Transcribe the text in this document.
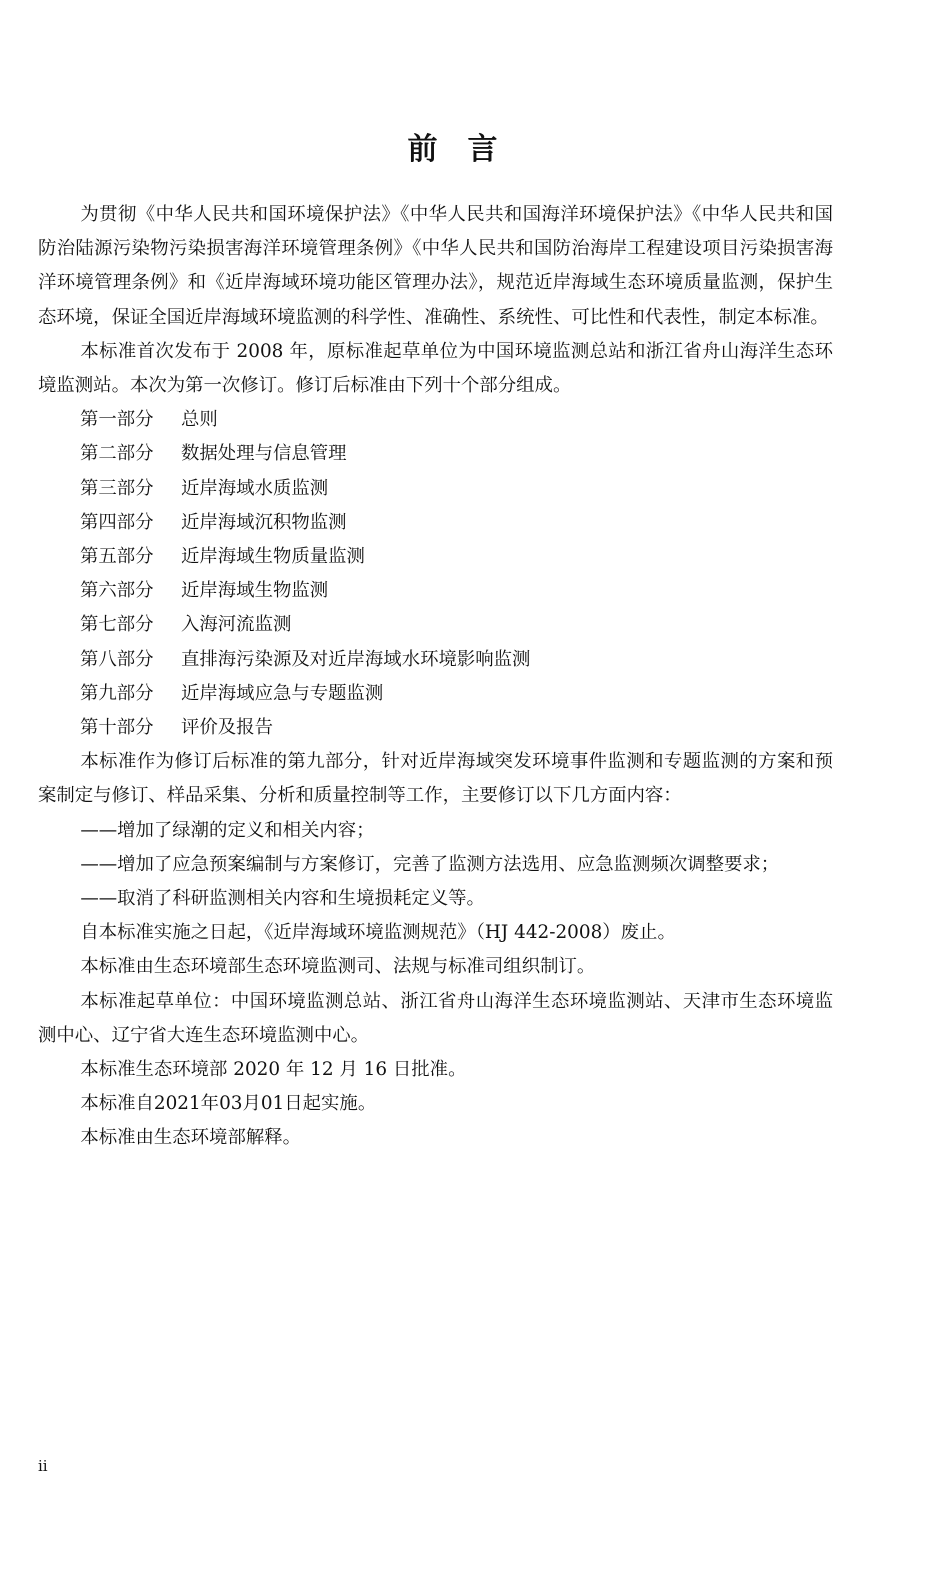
前言

为贯彻《中华人民共和国环境保护法》《中华人民共和国海洋环境保护法》《中华人民共和国防治陆源污染物污染损害海洋环境管理条例》《中华人民共和国防治海岸工程建设项目污染损害海洋环境管理条例》和《近岸海域环境功能区管理办法》，规范近岸海域生态环境质量监测，保护生态环境，保证全国近岸海域环境监测的科学性、准确性、系统性、可比性和代表性，制定本标准。

本标准首次发布于 2008 年，原标准起草单位为中国环境监测总站和浙江省舟山海洋生态环境监测站。本次为第一次修订。修订后标准由下列十个部分组成。

第一部分 总则
第二部分 数据处理与信息管理
第三部分 近岸海域水质监测
第四部分 近岸海域沉积物监测
第五部分 近岸海域生物质量监测
第六部分 近岸海域生物监测
第七部分 入海河流监测
第八部分 直排海污染源及对近岸海域水环境影响监测
第九部分 近岸海域应急与专题监测
第十部分 评价及报告

本标准作为修订后标准的第九部分，针对近岸海域突发环境事件监测和专题监测的方案和预案制定与修订、样品采集、分析和质量控制等工作，主要修订以下几方面内容：

——增加了绿潮的定义和相关内容；

——增加了应急预案编制与方案修订，完善了监测方法选用、应急监测频次调整要求；

——取消了科研监测相关内容和生境损耗定义等。

自本标准实施之日起，《近岸海域环境监测规范》（HJ 442-2008）废止。

本标准由生态环境部生态环境监测司、法规与标准司组织制订。

本标准起草单位：中国环境监测总站、浙江省舟山海洋生态环境监测站、天津市生态环境监测中心、辽宁省大连生态环境监测中心。

本标准生态环境部 2020 年 12 月 16 日批准。

本标准自2021年03月01日起实施。

本标准由生态环境部解释。

ii
